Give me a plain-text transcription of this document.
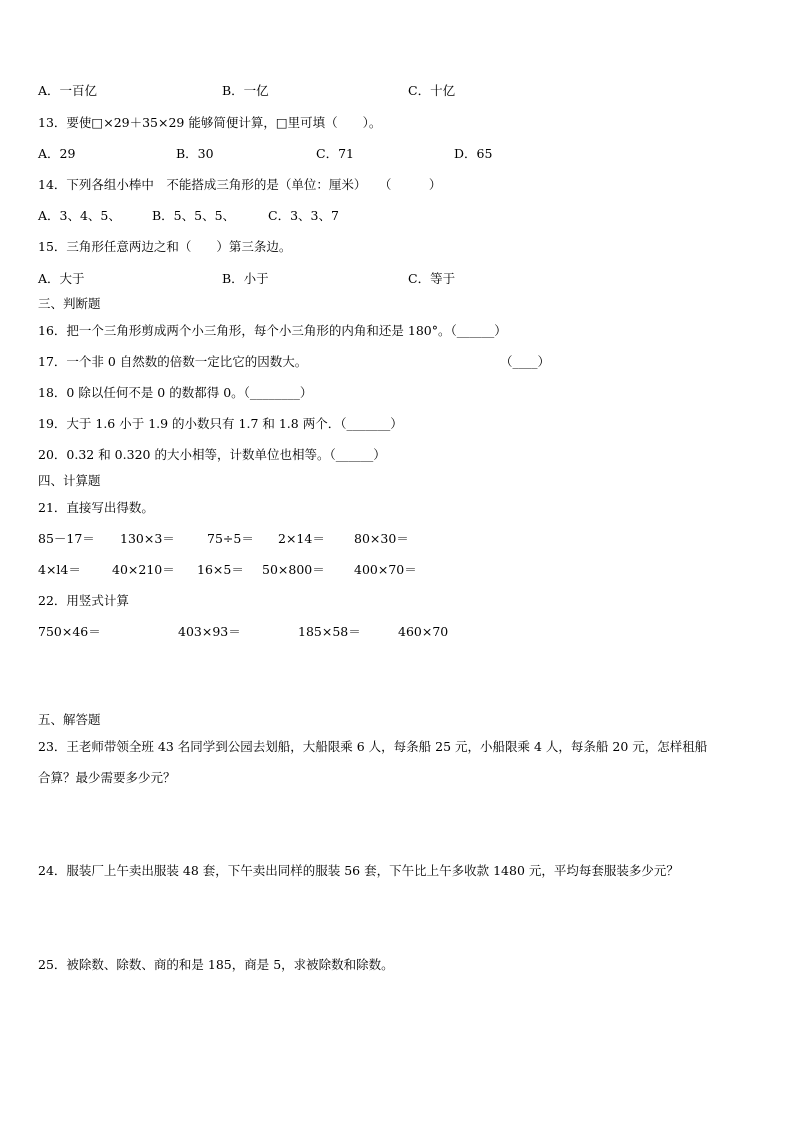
A．一百亿	B．一亿	C．十亿
13．要使□×29＋35×29 能够简便计算，□里可填（　　）。
A．29	B．30	C．71	D．65
14．下列各组小棒中　不能搭成三角形的是（单位：厘米）　　（　　　）
A．3、4、5、 B．5、5、5、	C．3、3、7
15．三角形任意两边之和（　　）第三条边。
A．大于	B．小于	C．等于
三、判断题
16．把一个三角形剪成两个小三角形，每个小三角形的内角和还是 180°。（______）
17．一个非 0 自然数的倍数一定比它的因数大。	（____）
18．0 除以任何不是 0 的数都得 0。（________）
19．大于 1.6 小于 1.9 的小数只有 1.7 和 1.8 两个．（_______）
20．0.32 和 0.320 的大小相等，计数单位也相等。（______）
四、计算题
21．直接写出得数。
85－17＝ 130×3＝	75÷5＝ 2×14＝ 80×30＝
4×l4＝ 40×210＝ 16×5＝ 50×800＝ 400×70＝
22．用竖式计算
750×46＝	403×93＝	185×58＝	460×70
五、解答题
23．王老师带领全班 43 名同学到公园去划船，大船限乘 6 人，每条船 25 元，小船限乘 4 人，每条船 20 元，怎样租船
合算？最少需要多少元？
24．服装厂上午卖出服装 48 套，下午卖出同样的服装 56 套，下午比上午多收款 1480 元，平均每套服装多少元？
25．被除数、除数、商的和是 185，商是 5，求被除数和除数。
